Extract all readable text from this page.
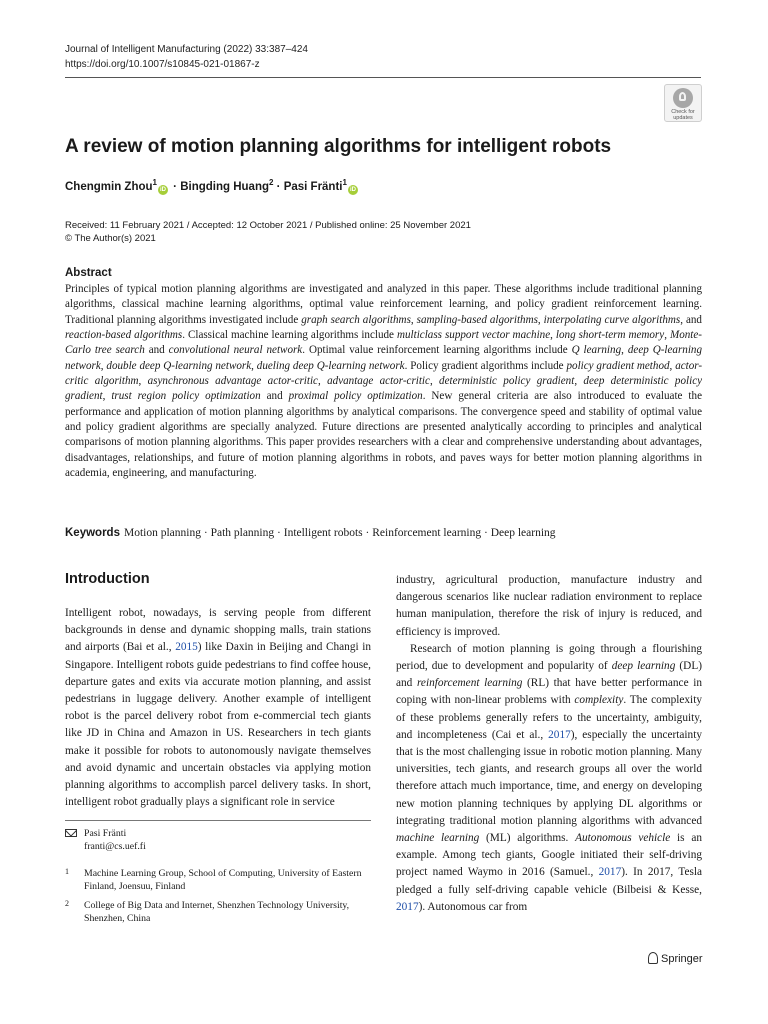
Journal of Intelligent Manufacturing (2022) 33:387–424
https://doi.org/10.1007/s10845-021-01867-z
Check for
updates
A review of motion planning algorithms for intelligent robots
Chengmin Zhou$^1$iD · Bingding Huang$^2$ · Pasi Fränti$^1$iD
Received: 11 February 2021 / Accepted: 12 October 2021 / Published online: 25 November 2021
© The Author(s) 2021
Abstract

Principles of typical motion planning algorithms are investigated and analyzed in this paper. These algorithms include traditional planning algorithms, classical machine learning algorithms, optimal value reinforcement learning, and policy gradient reinforcement learning. Traditional planning algorithms investigated include graph search algorithms, sampling-based algorithms, interpolating curve algorithms, and reaction-based algorithms. Classical machine learning algorithms include multiclass support vector machine, long short-term memory, Monte-Carlo tree search and convolutional neural network. Optimal value reinforcement learning algorithms include Q learning, deep Q-learning network, double deep Q-learning network, dueling deep Q-learning network. Policy gradient algorithms include policy gradient method, actor-critic algorithm, asynchronous advantage actor-critic, advantage actor-critic, deterministic policy gradient, deep deterministic policy gradient, trust region policy optimization and proximal policy optimization. New general criteria are also introduced to evaluate the performance and application of motion planning algorithms by analytical comparisons. The convergence speed and stability of optimal value and policy gradient algorithms are specially analyzed. Future directions are presented analytically according to principles and analytical comparisons of motion planning algorithms. This paper provides researchers with a clear and comprehensive understanding about advantages, disadvantages, relationships, and future of motion planning algorithms in robots, and paves ways for better motion planning algorithms in academia, engineering, and manufacturing.

Keywords Motion planning · Path planning · Intelligent robots · Reinforcement learning · Deep learning
Introduction

Intelligent robot, nowadays, is serving people from different backgrounds in dense and dynamic shopping malls, train stations and airports (Bai et al., 2015) like Daxin in Beijing and Changi in Singapore. Intelligent robots guide pedestrians to find coffee house, departure gates and exits via accurate motion planning, and assist pedestrians in luggage delivery. Another example of intelligent robot is the parcel delivery robot from e-commercial tech giants like JD in China and Amazon in US. Researchers in tech giants make it possible for robots to autonomously navigate themselves and avoid dynamic and uncertain obstacles via applying motion planning algorithms to accomplish parcel delivery tasks. In short, intelligent robot gradually plays a significant role in service

industry, agricultural production, manufacture industry and dangerous scenarios like nuclear radiation environment to replace human manipulation, therefore the risk of injury is reduced, and efficiency is improved.

Research of motion planning is going through a flourishing period, due to development and popularity of deep learning (DL) and reinforcement learning (RL) that have better performance in coping with non-linear problems with complexity. The complexity of these problems generally refers to the uncertainty, ambiguity, and incompleteness (Cai et al., 2017), especially the uncertainty that is the most challenging issue in robotic motion planning. Many universities, tech giants, and research groups all over the world therefore attach much importance, time, and energy on developing new motion planning techniques by applying DL algorithms or integrating traditional motion planning algorithms with advanced machine learning (ML) algorithms. Autonomous vehicle is an example. Among tech giants, Google initiated their self-driving project named Waymo in 2016 (Samuel., 2017). In 2017, Tesla pledged a fully self-driving capable vehicle (Bilbeisi & Kesse, 2017). Autonomous car from

Pasi Fränti
franti@cs.uef.fi
1 Machine Learning Group, School of Computing, University of Eastern Finland, Joensuu, Finland
2 College of Big Data and Internet, Shenzhen Technology University, Shenzhen, China
Springer
